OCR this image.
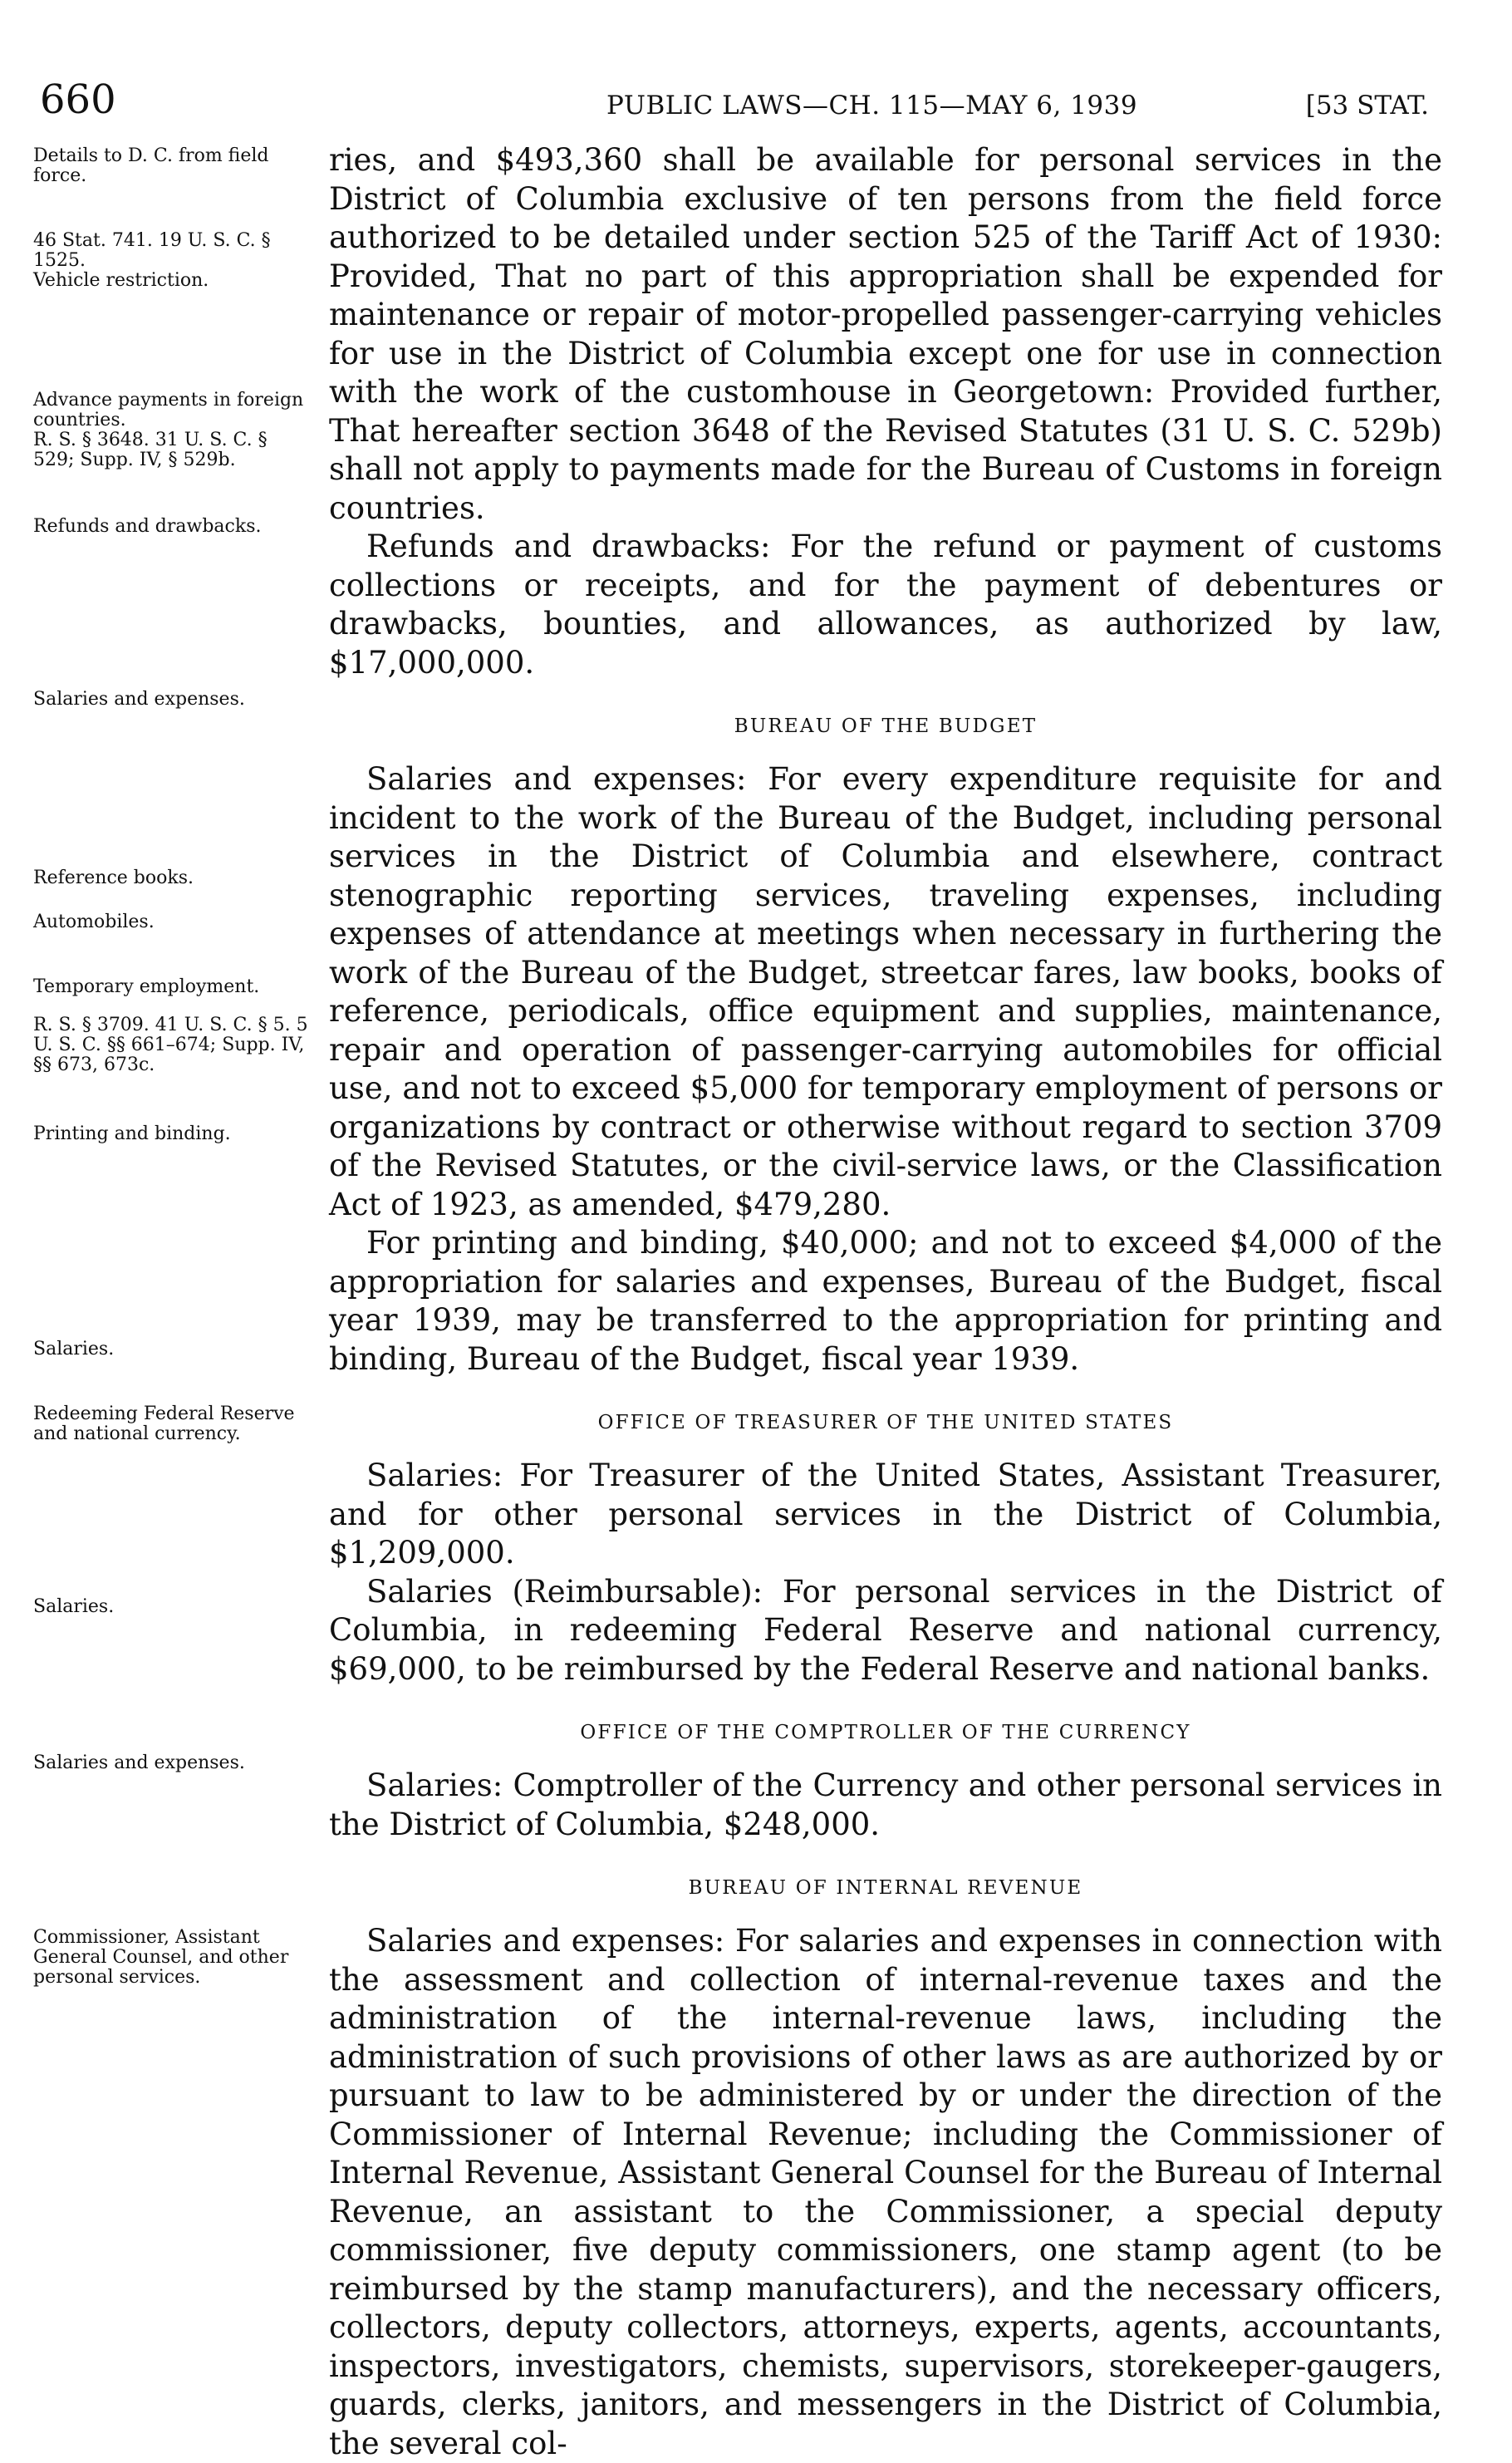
660	PUBLIC LAWS—CH. 115—MAY 6, 1939	[53 STAT.
Details to D. C. from field force.
46 Stat. 741. 19 U. S. C. § 1525.
Vehicle restriction.
Advance payments in foreign countries.
R. S. § 3648. 31 U. S. C. § 529; Supp. IV, § 529b.
Refunds and drawbacks.
Salaries and expenses.
Reference books.
Automobiles.
Temporary employment.
R. S. § 3709. 41 U. S. C. § 5. 5 U. S. C. §§ 661–674; Supp. IV, §§ 673, 673c.
Printing and binding.
Salaries.
Redeeming Federal Reserve and national currency.
Salaries.
Salaries and expenses.
Commissioner, Assistant General Counsel, and other personal services.

ries, and $493,360 shall be available for personal services in the District of Columbia exclusive of ten persons from the field force authorized to be detailed under section 525 of the Tariff Act of 1930: Provided, That no part of this appropriation shall be expended for maintenance or repair of motor-propelled passenger-carrying vehicles for use in the District of Columbia except one for use in connection with the work of the customhouse in Georgetown: Provided further, That hereafter section 3648 of the Revised Statutes (31 U. S. C. 529b) shall not apply to payments made for the Bureau of Customs in foreign countries.

Refunds and drawbacks: For the refund or payment of customs collections or receipts, and for the payment of debentures or drawbacks, bounties, and allowances, as authorized by law, $17,000,000.

BUREAU OF THE BUDGET

Salaries and expenses: For every expenditure requisite for and incident to the work of the Bureau of the Budget, including personal services in the District of Columbia and elsewhere, contract stenographic reporting services, traveling expenses, including expenses of attendance at meetings when necessary in furthering the work of the Bureau of the Budget, streetcar fares, law books, books of reference, periodicals, office equipment and supplies, maintenance, repair and operation of passenger-carrying automobiles for official use, and not to exceed $5,000 for temporary employment of persons or organizations by contract or otherwise without regard to section 3709 of the Revised Statutes, or the civil-service laws, or the Classification Act of 1923, as amended, $479,280.

For printing and binding, $40,000; and not to exceed $4,000 of the appropriation for salaries and expenses, Bureau of the Budget, fiscal year 1939, may be transferred to the appropriation for printing and binding, Bureau of the Budget, fiscal year 1939.

OFFICE OF TREASURER OF THE UNITED STATES

Salaries: For Treasurer of the United States, Assistant Treasurer, and for other personal services in the District of Columbia, $1,209,000.

Salaries (Reimbursable): For personal services in the District of Columbia, in redeeming Federal Reserve and national currency, $69,000, to be reimbursed by the Federal Reserve and national banks.

OFFICE OF THE COMPTROLLER OF THE CURRENCY

Salaries: Comptroller of the Currency and other personal services in the District of Columbia, $248,000.

BUREAU OF INTERNAL REVENUE

Salaries and expenses: For salaries and expenses in connection with the assessment and collection of internal-revenue taxes and the administration of the internal-revenue laws, including the administration of such provisions of other laws as are authorized by or pursuant to law to be administered by or under the direction of the Commissioner of Internal Revenue; including the Commissioner of Internal Revenue, Assistant General Counsel for the Bureau of Internal Revenue, an assistant to the Commissioner, a special deputy commissioner, five deputy commissioners, one stamp agent (to be reimbursed by the stamp manufacturers), and the necessary officers, collectors, deputy collectors, attorneys, experts, agents, accountants, inspectors, investigators, chemists, supervisors, storekeeper-gaugers, guards, clerks, janitors, and messengers in the District of Columbia, the several col-
